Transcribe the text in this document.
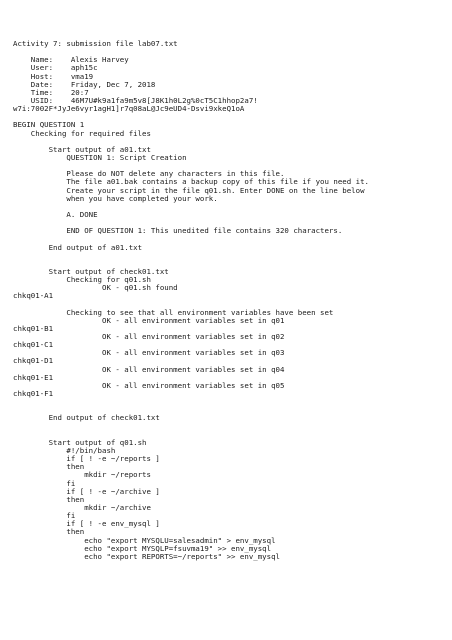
Activity 7: submission file lab07.txt
Name:    Alexis Harvey
User:    aph15c
Host:    vma19
Date:    Friday, Dec 7, 2018
Time:    20:7
USID:    46M7U#k9a1fa9m5v8[J8K1h0L2g%0cT5C1hhop2a7!
w7i:7002F*JyJe6vyr1agH1]r7q08aL@Jc9eUD4-Dsvi9xkeQ1oA
BEGIN QUESTION 1
Checking for required files
Start output of a01.txt
QUESTION 1: Script Creation
Please do NOT delete any characters in this file.
The file a01.bak contains a backup copy of this file if you need it.
Create your script in the file q01.sh. Enter DONE on the line below
when you have completed your work.
A. DONE
END OF QUESTION 1: This unedited file contains 320 characters.
End output of a01.txt
Start output of check01.txt
Checking for q01.sh
OK - q01.sh found
chkq01-A1
Checking to see that all environment variables have been set
OK - all environment variables set in q01
chkq01-B1
OK - all environment variables set in q02
chkq01-C1
OK - all environment variables set in q03
chkq01-D1
OK - all environment variables set in q04
chkq01-E1
OK - all environment variables set in q05
chkq01-F1
End output of check01.txt
Start output of q01.sh
#!/bin/bash
if [ ! -e ~/reports ]
then
mkdir ~/reports
fi
if [ ! -e ~/archive ]
then
mkdir ~/archive
fi
if [ ! -e env_mysql ]
then
echo "export MYSQLU=salesadmin" > env_mysql
echo "export MYSQLP=fsuvma19" >> env_mysql
echo "export REPORTS=~/reports" >> env_mysql
